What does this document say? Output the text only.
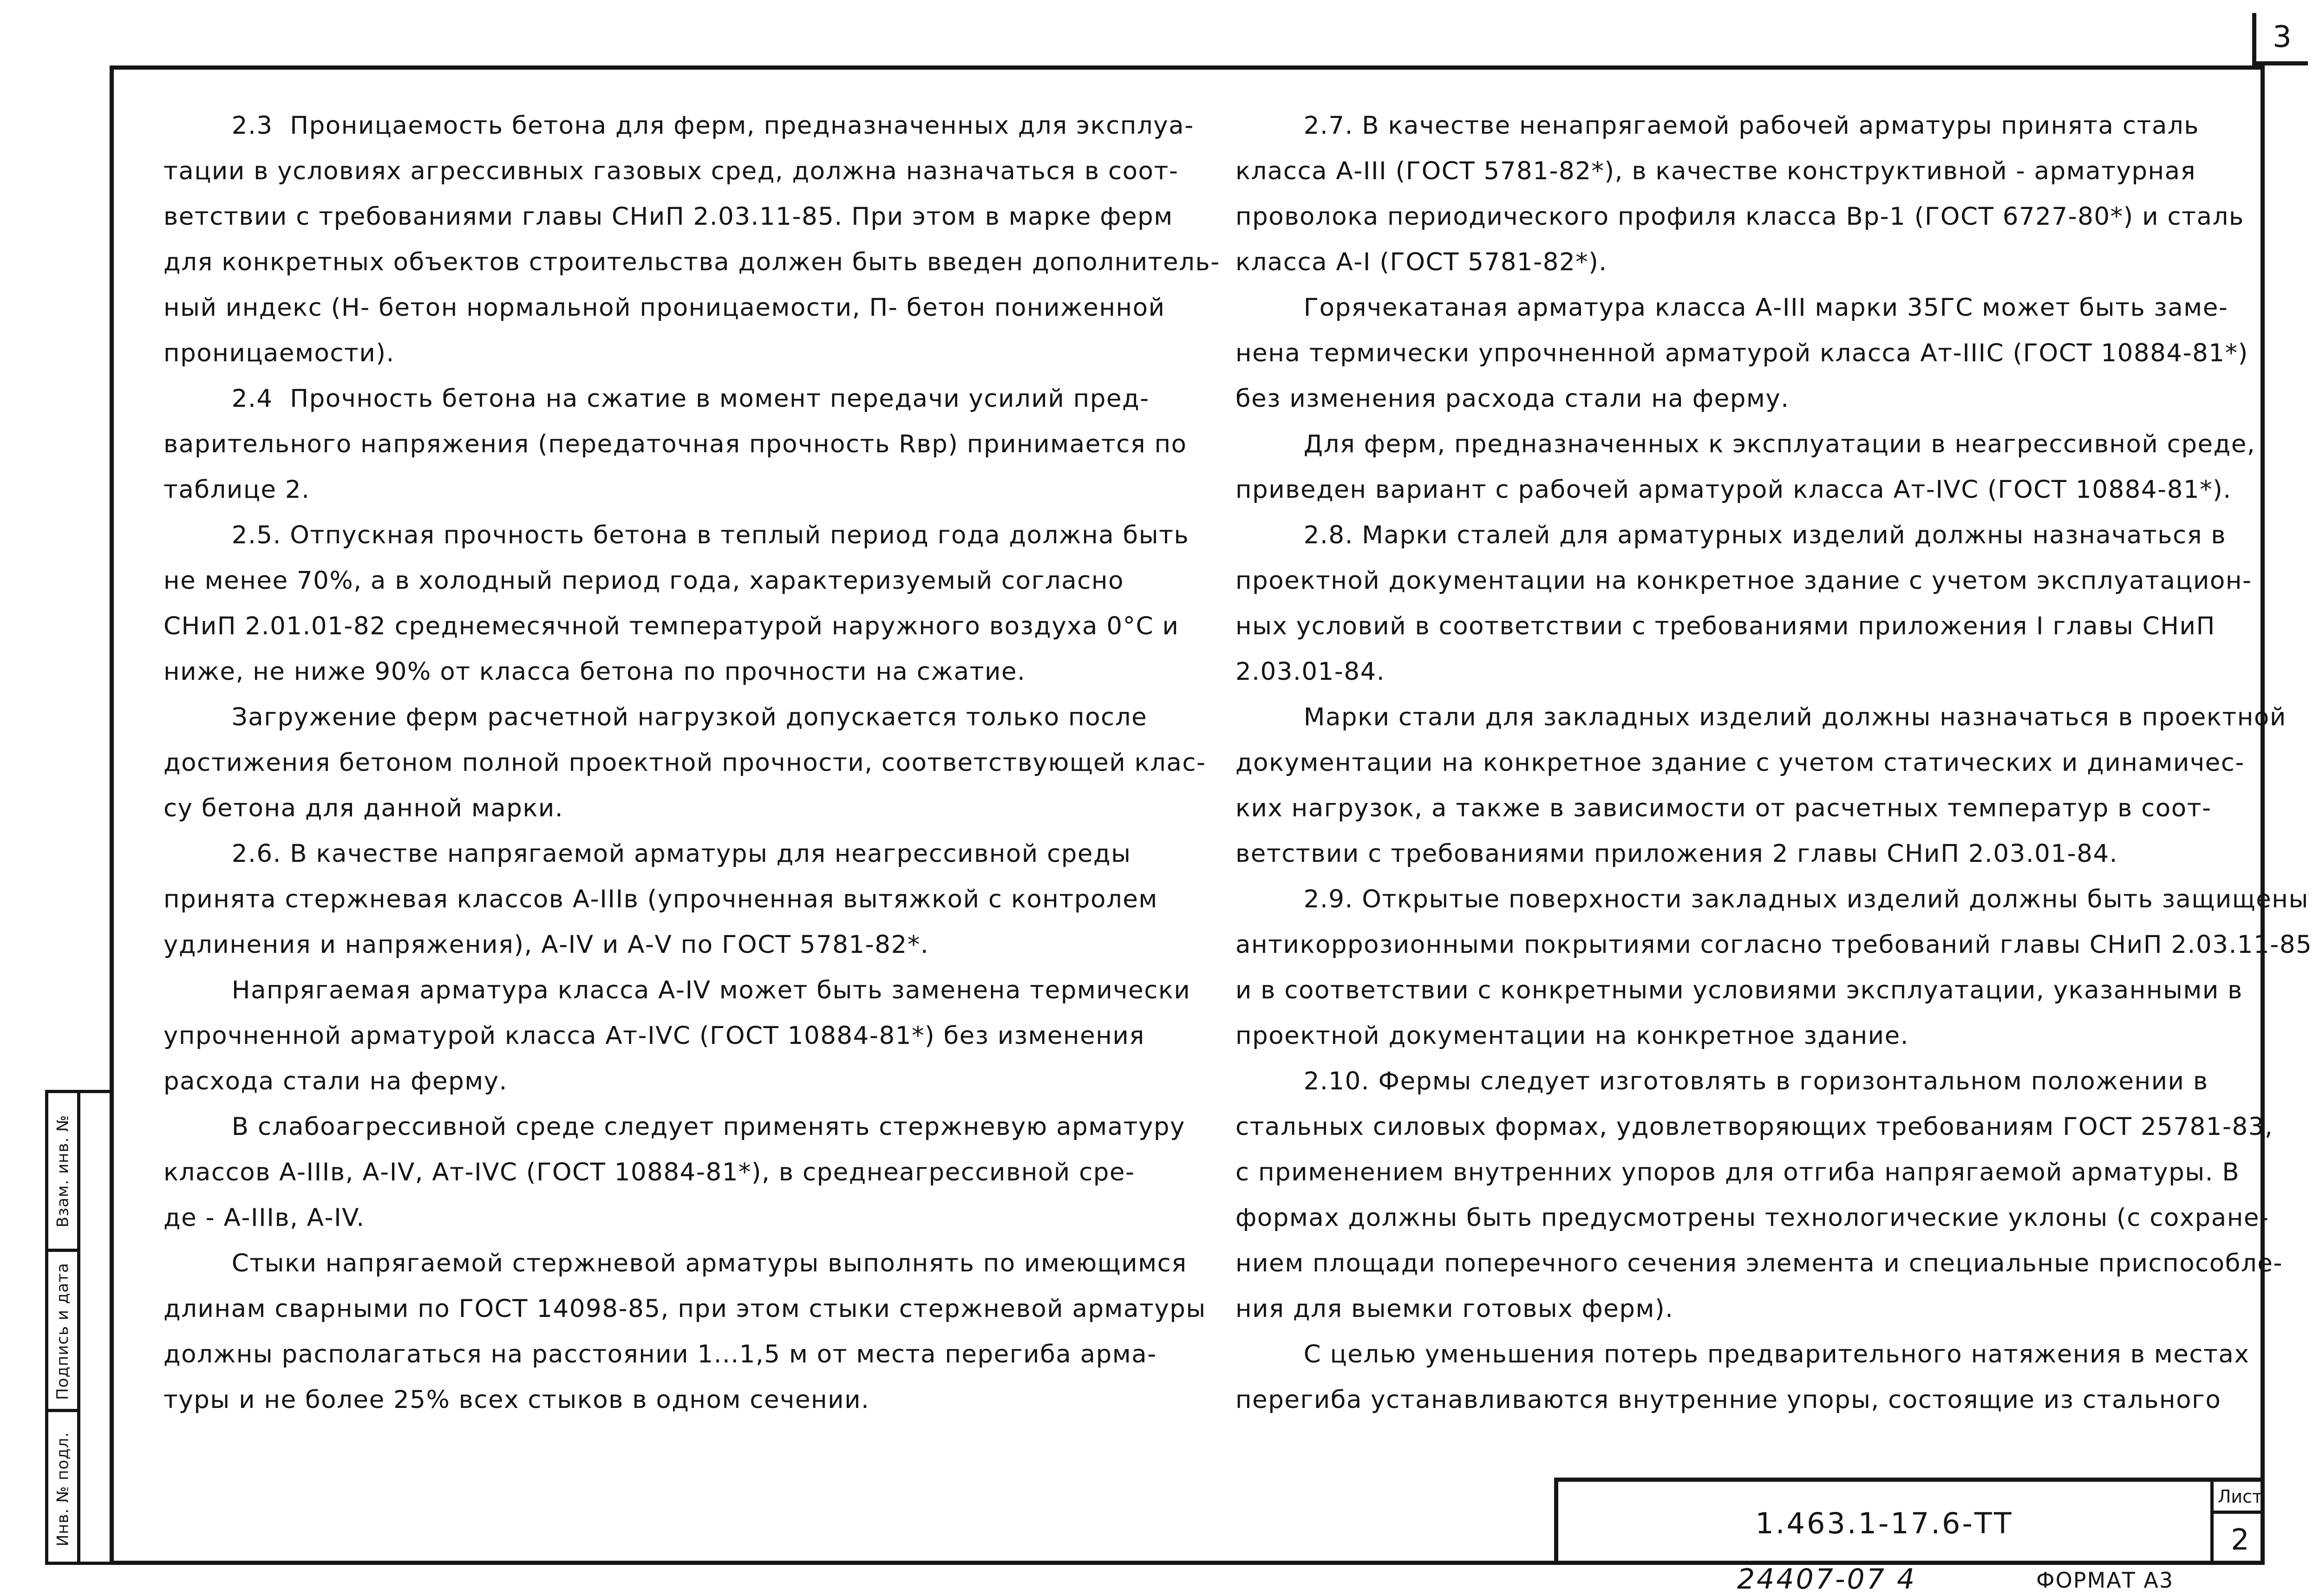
3
Инв. № подл.
Подпись и дата
Взам. инв. №

2.3  Проницаемость бетона для ферм, предназначенных для эксплуа-

тации в условиях агрессивных газовых сред, должна назначаться в соот-

ветствии с требованиями главы СНиП 2.03.11-85. При этом в марке ферм

для конкретных объектов строительства должен быть введен дополнитель-

ный индекс (Н- бетон нормальной проницаемости, П- бетон пониженной

проницаемости).

2.4  Прочность бетона на сжатие в момент передачи усилий пред-

варительного напряжения (передаточная прочность Rвр) принимается по

таблице 2.

2.5. Отпускная прочность бетона в теплый период года должна быть

не менее 70%, а в холодный период года, характеризуемый согласно

СНиП 2.01.01-82 среднемесячной температурой наружного воздуха 0°С и

ниже, не ниже 90% от класса бетона по прочности на сжатие.

Загружение ферм расчетной нагрузкой допускается только после

достижения бетоном полной проектной прочности, соответствующей клас-

су бетона для данной марки.

2.6. В качестве напрягаемой арматуры для неагрессивной среды

принята стержневая классов А-IIIв (упрочненная вытяжкой с контролем

удлинения и напряжения), А-IV и А-V по ГОСТ 5781-82*.

Напрягаемая арматура класса А-IV может быть заменена термически

упрочненной арматурой класса Ат-IVС (ГОСТ 10884-81*) без изменения

расхода стали на ферму.

В слабоагрессивной среде следует применять стержневую арматуру

классов А-IIIв, А-IV, Ат-IVС (ГОСТ 10884-81*), в среднеагрессивной сре-

де - А-IIIв, А-IV.

Стыки напрягаемой стержневой арматуры выполнять по имеющимся

длинам сварными по ГОСТ 14098-85, при этом стыки стержневой арматуры

должны располагаться на расстоянии 1...1,5 м от места перегиба арма-

туры и не более 25% всех стыков в одном сечении.

2.7. В качестве ненапрягаемой рабочей арматуры принята сталь

класса А-III (ГОСТ 5781-82*), в качестве конструктивной - арматурная

проволока периодического профиля класса Вр-1 (ГОСТ 6727-80*) и сталь

класса А-I (ГОСТ 5781-82*).

Горячекатаная арматура класса А-III марки 35ГС может быть заме-

нена термически упрочненной арматурой класса Ат-IIIС (ГОСТ 10884-81*)

без изменения расхода стали на ферму.

Для ферм, предназначенных к эксплуатации в неагрессивной среде,

приведен вариант с рабочей арматурой класса Ат-IVС (ГОСТ 10884-81*).

2.8. Марки сталей для арматурных изделий должны назначаться в

проектной документации на конкретное здание с учетом эксплуатацион-

ных условий в соответствии с требованиями приложения I главы СНиП

2.03.01-84.

Марки стали для закладных изделий должны назначаться в проектной

документации на конкретное здание с учетом статических и динамичес-

ких нагрузок, а также в зависимости от расчетных температур в соот-

ветствии с требованиями приложения 2 главы СНиП 2.03.01-84.

2.9. Открытые поверхности закладных изделий должны быть защищены

антикоррозионными покрытиями согласно требований главы СНиП 2.03.11-85

и в соответствии с конкретными условиями эксплуатации, указанными в

проектной документации на конкретное здание.

2.10. Фермы следует изготовлять в горизонтальном положении в

стальных силовых формах, удовлетворяющих требованиям ГОСТ 25781-83,

с применением внутренних упоров для отгиба напрягаемой арматуры. В

формах должны быть предусмотрены технологические уклоны (с сохране-

нием площади поперечного сечения элемента и специальные приспособле-

ния для выемки готовых ферм).

С целью уменьшения потерь предварительного натяжения в местах

перегиба устанавливаются внутренние упоры, состоящие из стального

1.463.1-17.6-ТТ
Лист
2
24407-07 4	ФОРМАТ А3
